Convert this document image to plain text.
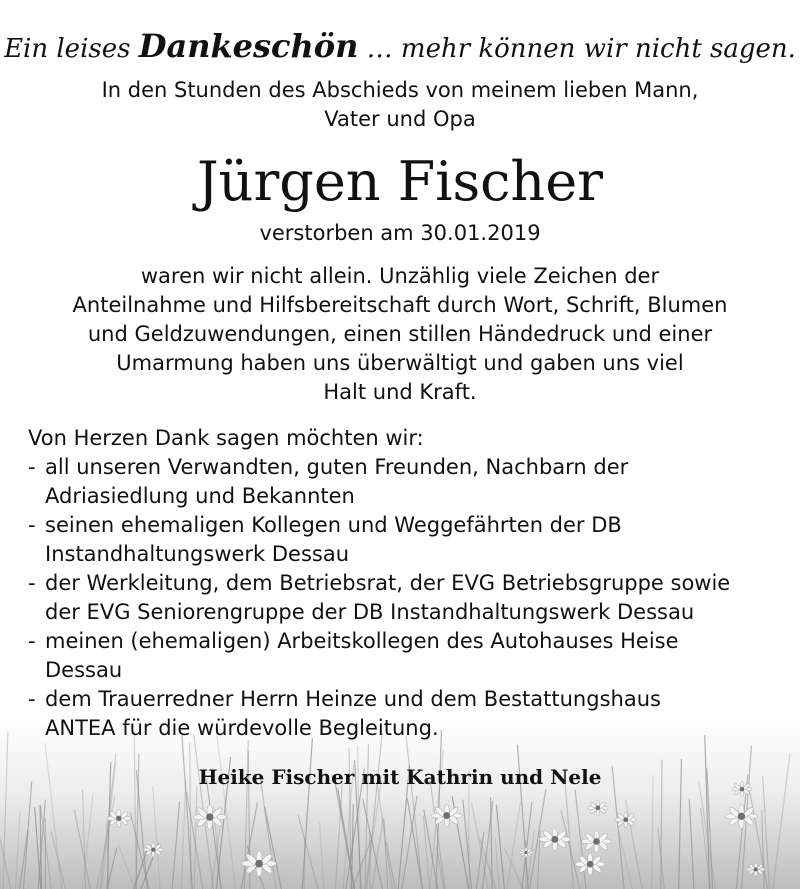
Ein leises Dankeschön … mehr können wir nicht sagen.
In den Stunden des Abschieds von meinem lieben Mann,
Vater und Opa
Jürgen Fischer
verstorben am 30.01.2019
waren wir nicht allein. Unzählig viele Zeichen der
Anteilnahme und Hilfsbereitschaft durch Wort, Schrift, Blumen
und Geldzuwendungen, einen stillen Händedruck und einer
Umarmung haben uns überwältigt und gaben uns viel
Halt und Kraft.
Von Herzen Dank sagen möchten wir:
- all unseren Verwandten, guten Freunden, Nachbarn der
Adriasiedlung und Bekannten
- seinen ehemaligen Kollegen und Weggefährten der DB
Instandhaltungswerk Dessau
- der Werkleitung, dem Betriebsrat, der EVG Betriebsgruppe sowie
der EVG Seniorengruppe der DB Instandhaltungswerk Dessau
- meinen (ehemaligen) Arbeitskollegen des Autohauses Heise
Dessau
- dem Trauerredner Herrn Heinze und dem Bestattungshaus
ANTEA für die würdevolle Begleitung.
Heike Fischer mit Kathrin und Nele
